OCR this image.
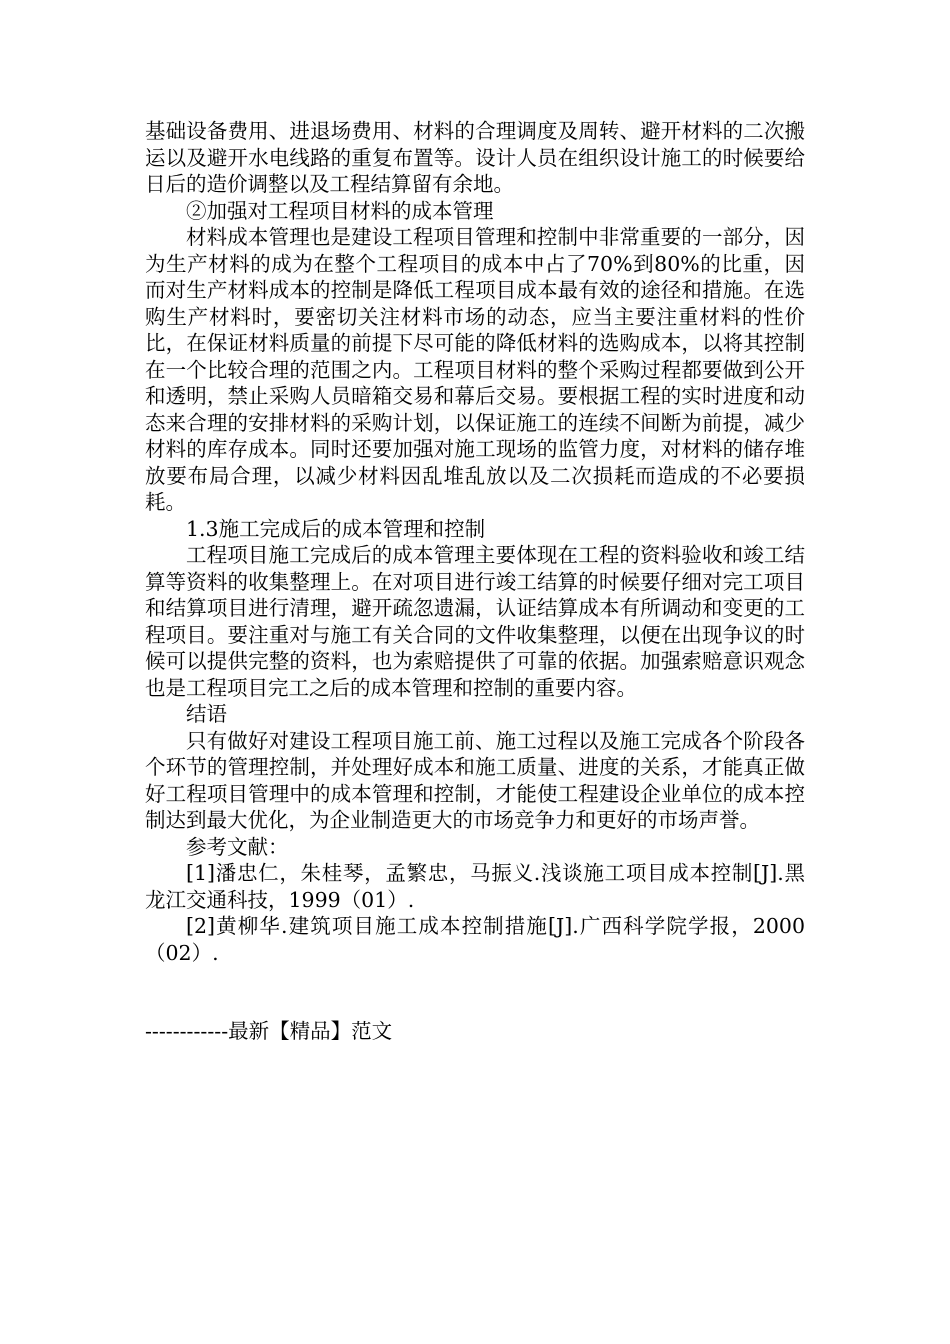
基础设备费用、进退场费用、材料的合理调度及周转、避开材料的二次搬运以及避开水电线路的重复布置等。设计人员在组织设计施工的时候要给日后的造价调整以及工程结算留有余地。

②加强对工程项目材料的成本管理

材料成本管理也是建设工程项目管理和控制中非常重要的一部分，因为生产材料的成为在整个工程项目的成本中占了70%到80%的比重，因而对生产材料成本的控制是降低工程项目成本最有效的途径和措施。在选购生产材料时，要密切关注材料市场的动态，应当主要注重材料的性价比，在保证材料质量的前提下尽可能的降低材料的选购成本，以将其控制在一个比较合理的范围之内。工程项目材料的整个采购过程都要做到公开和透明，禁止采购人员暗箱交易和幕后交易。要根据工程的实时进度和动态来合理的安排材料的采购计划，以保证施工的连续不间断为前提，减少材料的库存成本。同时还要加强对施工现场的监管力度，对材料的储存堆放要布局合理，以减少材料因乱堆乱放以及二次损耗而造成的不必要损耗。

1.3施工完成后的成本管理和控制

工程项目施工完成后的成本管理主要体现在工程的资料验收和竣工结算等资料的收集整理上。在对项目进行竣工结算的时候要仔细对完工项目和结算项目进行清理，避开疏忽遗漏，认证结算成本有所调动和变更的工程项目。要注重对与施工有关合同的文件收集整理，以便在出现争议的时候可以提供完整的资料，也为索赔提供了可靠的依据。加强索赔意识观念也是工程项目完工之后的成本管理和控制的重要内容。

结语

只有做好对建设工程项目施工前、施工过程以及施工完成各个阶段各个环节的管理控制，并处理好成本和施工质量、进度的关系，才能真正做好工程项目管理中的成本管理和控制，才能使工程建设企业单位的成本控制达到最大优化，为企业制造更大的市场竞争力和更好的市场声誉。

参考文献：

[1]潘忠仁，朱桂琴，孟繁忠，马振义.浅谈施工项目成本控制[J].黑龙江交通科技，1999（01）.

[2]黄柳华.建筑项目施工成本控制措施[J].广西科学院学报，2000（02）.

------------最新【精品】范文
